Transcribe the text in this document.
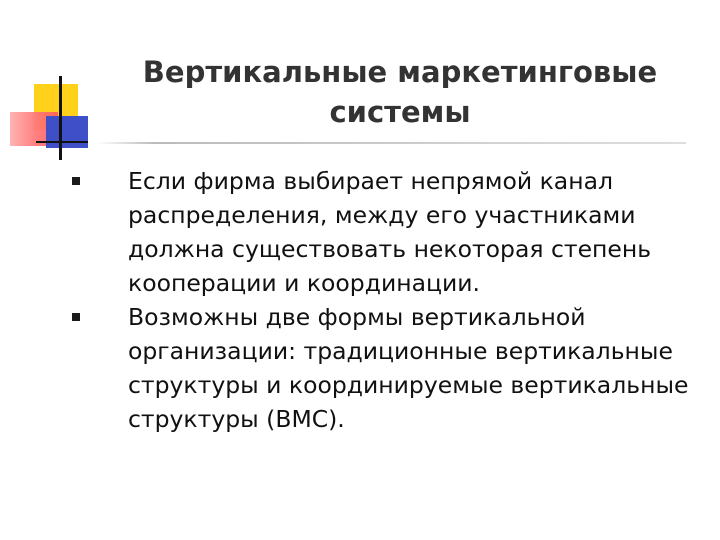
Вертикальные маркетинговые системы
Если фирма выбирает непрямой канал распределения, между его участниками должна существовать некоторая степень кооперации и координации.
Возможны две формы вертикальной организации: традиционные вертикальные структуры и координируемые вертикальные структуры (ВМС).
